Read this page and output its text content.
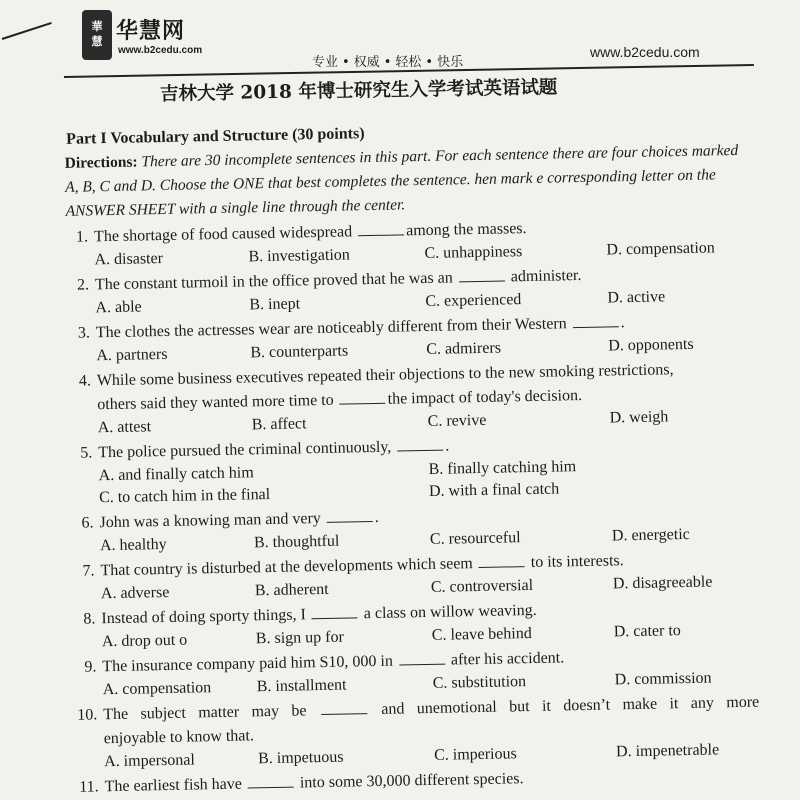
華
慧 华慧网
www.b2cedu.com
专业 • 权威 • 轻松 • 快乐
www.b2cedu.com
吉林大学 2018 年博士研究生入学考试英语试题
Part I Vocabulary and Structure (30 points)
Directions: There are 30 incomplete sentences in this part. For each sentence there are four choices marked A, B, C and D. Choose the ONE that best completes the sentence. hen mark e corresponding letter on the ANSWER SHEET with a single line through the center.
1. The shortage of food caused widespread	among the masses.
A. disaster	B. investigation	C. unhappiness	D. compensation
2. The constant turmoil in the office proved that he was an	administer.
A. able	B. inept	C. experienced	D. active
3. The clothes the actresses wear are noticeably different from their Western	.
A. partners	B. counterparts	C. admirers	D. opponents
4. While some business executives repeated their objections to the new smoking restrictions,
others said they wanted more time to	the impact of today's decision.
A. attest	B. affect	C. revive	D. weigh
5. The police pursued the criminal continuously,	.
A. and finally catch him	B. finally catching him
C. to catch him in the final	D. with a final catch
6. John was a knowing man and very	.
A. healthy	B. thoughtful	C. resourceful	D. energetic
7. That country is disturbed at the developments which seem	to its interests.
A. adverse	B. adherent	C. controversial	D. disagreeable
8. Instead of doing sporty things, I	a class on willow weaving.
A. drop out o	B. sign up for	C. leave behind	D. cater to
9. The insurance company paid him S10, 000 in	after his accident.
A. compensation	B. installment	C. substitution	D. commission
10. The subject matter may be	and unemotional but it doesn’t make it any more
enjoyable to know that.
A. impersonal	B. impetuous	C. imperious	D. impenetrable
11. The earliest fish have	into some 30,000 different species.
